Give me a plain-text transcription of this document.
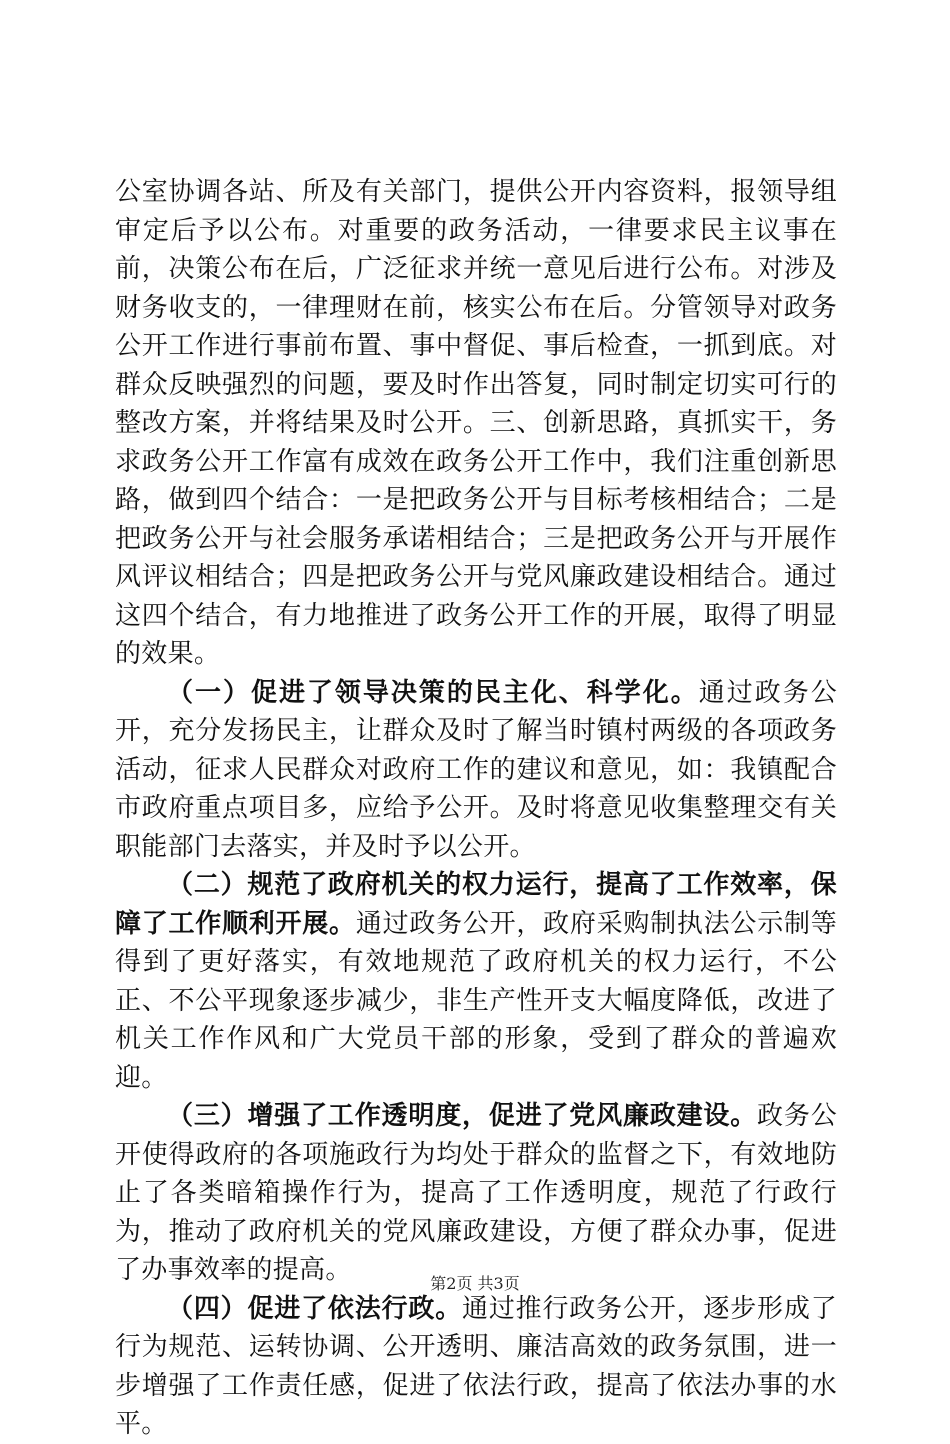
公室协调各站、所及有关部门，提供公开内容资料，报领导组审定后予以公布。对重要的政务活动，一律要求民主议事在前，决策公布在后，广泛征求并统一意见后进行公布。对涉及财务收支的，一律理财在前，核实公布在后。分管领导对政务公开工作进行事前布置、事中督促、事后检查，一抓到底。对群众反映强烈的问题，要及时作出答复，同时制定切实可行的整改方案，并将结果及时公开。三、创新思路，真抓实干，务求政务公开工作富有成效在政务公开工作中，我们注重创新思路，做到四个结合：一是把政务公开与目标考核相结合；二是把政务公开与社会服务承诺相结合；三是把政务公开与开展作风评议相结合；四是把政务公开与党风廉政建设相结合。通过这四个结合，有力地推进了政务公开工作的开展，取得了明显的效果。

（一）促进了领导决策的民主化、科学化。通过政务公开，充分发扬民主，让群众及时了解当时镇村两级的各项政务活动，征求人民群众对政府工作的建议和意见，如：我镇配合市政府重点项目多，应给予公开。及时将意见收集整理交有关职能部门去落实，并及时予以公开。

（二）规范了政府机关的权力运行，提高了工作效率，保障了工作顺利开展。通过政务公开，政府采购制执法公示制等得到了更好落实，有效地规范了政府机关的权力运行，不公正、不公平现象逐步减少，非生产性开支大幅度降低，改进了机关工作作风和广大党员干部的形象，受到了群众的普遍欢迎。

（三）增强了工作透明度，促进了党风廉政建设。政务公开使得政府的各项施政行为均处于群众的监督之下，有效地防止了各类暗箱操作行为，提高了工作透明度，规范了行政行为，推动了政府机关的党风廉政建设，方便了群众办事，促进了办事效率的提高。

（四）促进了依法行政。通过推行政务公开，逐步形成了行为规范、运转协调、公开透明、廉洁高效的政务氛围，进一步增强了工作责任感，促进了依法行政，提高了依法办事的水平。

第2页 共3页
